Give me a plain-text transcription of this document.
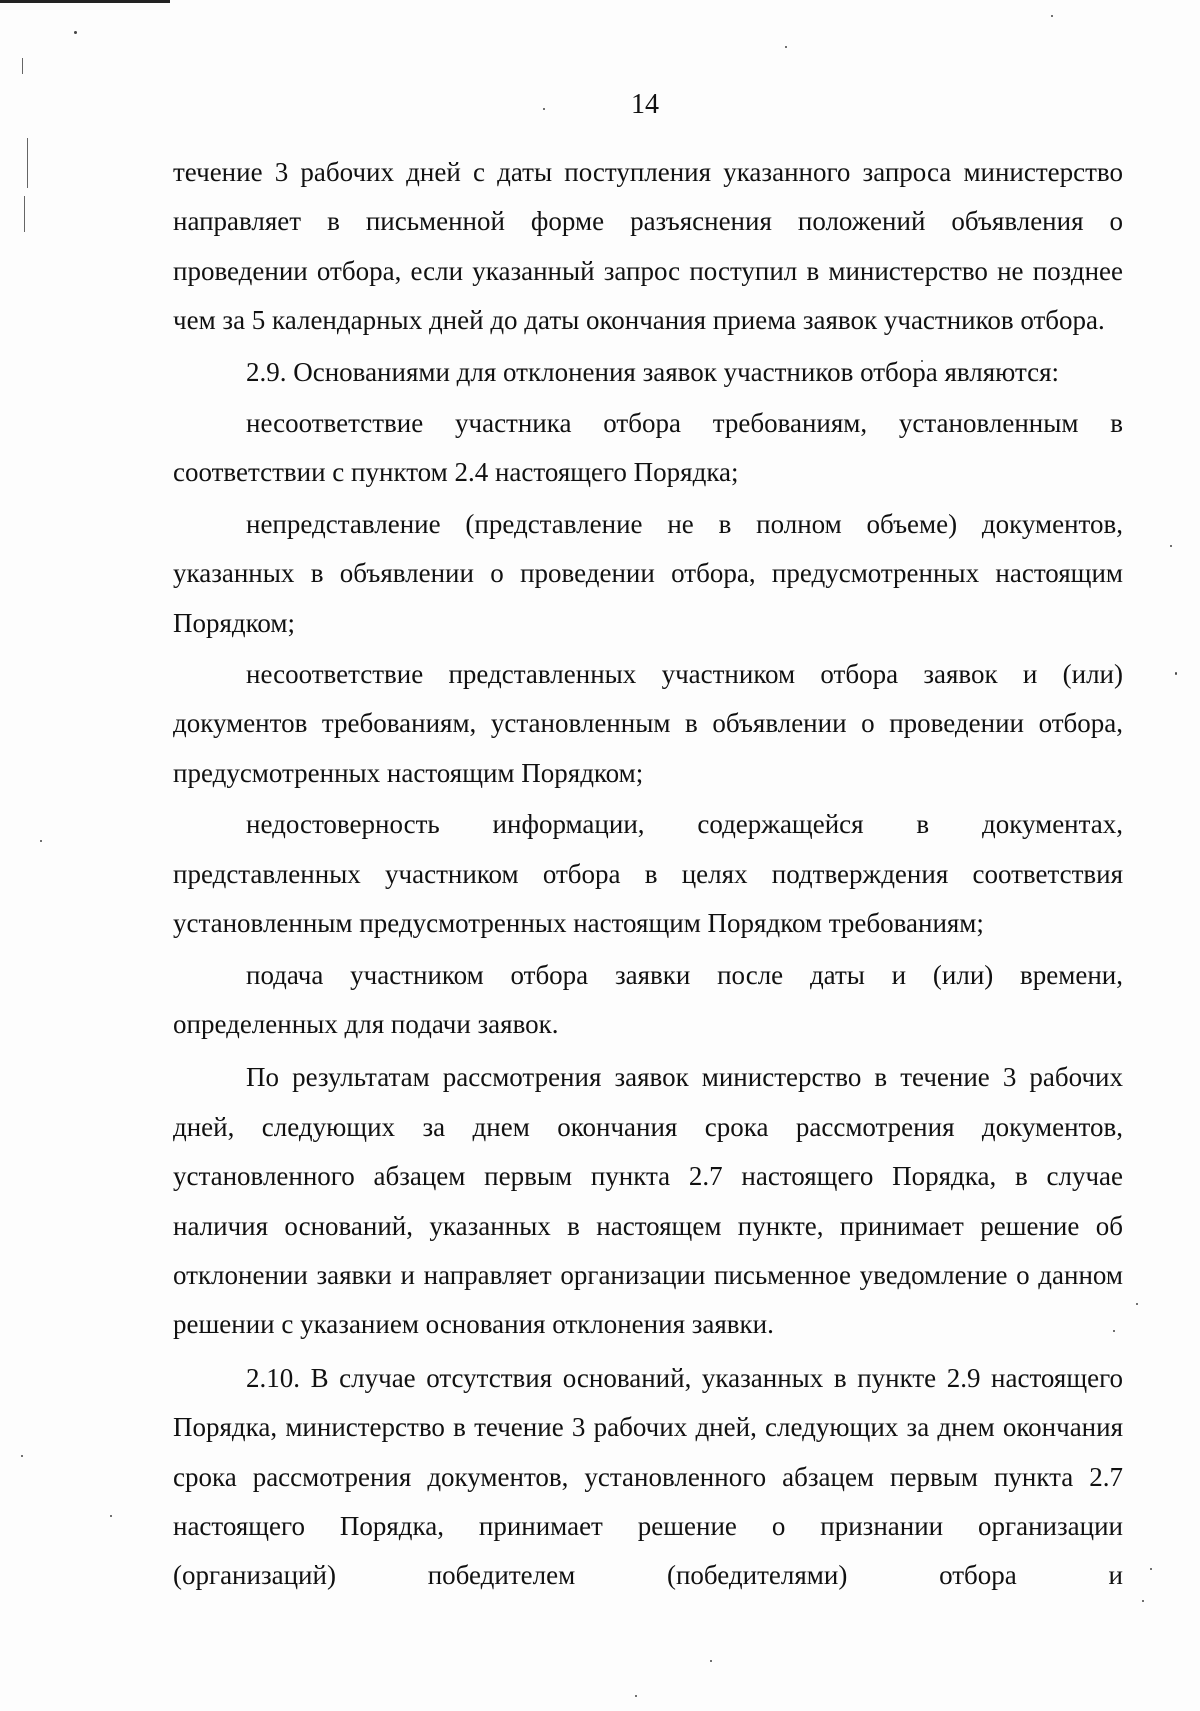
14

течение 3 рабочих дней с даты поступления указанного запроса министерство направляет в письменной форме разъяснения положений объявления о проведении отбора, если указанный запрос поступил в министерство не позднее чем за 5 календарных дней до даты окончания приема заявок участников отбора.

2.9. Основаниями для отклонения заявок участников отбора являются:

несоответствие участника отбора требованиям, установленным в соответствии с пунктом 2.4 настоящего Порядка;

непредставление (представление не в полном объеме) документов, указанных в объявлении о проведении отбора, предусмотренных настоящим Порядком;

несоответствие представленных участником отбора заявок и (или) документов требованиям, установленным в объявлении о проведении отбора, предусмотренных настоящим Порядком;

недостоверность информации, содержащейся в документах, представленных участником отбора в целях подтверждения соответствия установленным предусмотренных настоящим Порядком требованиям;

подача участником отбора заявки после даты и (или) времени, определенных для подачи заявок.

По результатам рассмотрения заявок министерство в течение 3 рабочих дней, следующих за днем окончания срока рассмотрения документов, установленного абзацем первым пункта 2.7 настоящего Порядка, в случае наличия оснований, указанных в настоящем пункте, принимает решение об отклонении заявки и направляет организации письменное уведомление о данном решении с указанием основания отклонения заявки.

2.10. В случае отсутствия оснований, указанных в пункте 2.9 настоящего Порядка, министерство в течение 3 рабочих дней, следующих за днем окончания срока рассмотрения документов, установленного абзацем первым пункта 2.7 настоящего Порядка, принимает решение о признании организации (организаций) победителем (победителями) отбора и
